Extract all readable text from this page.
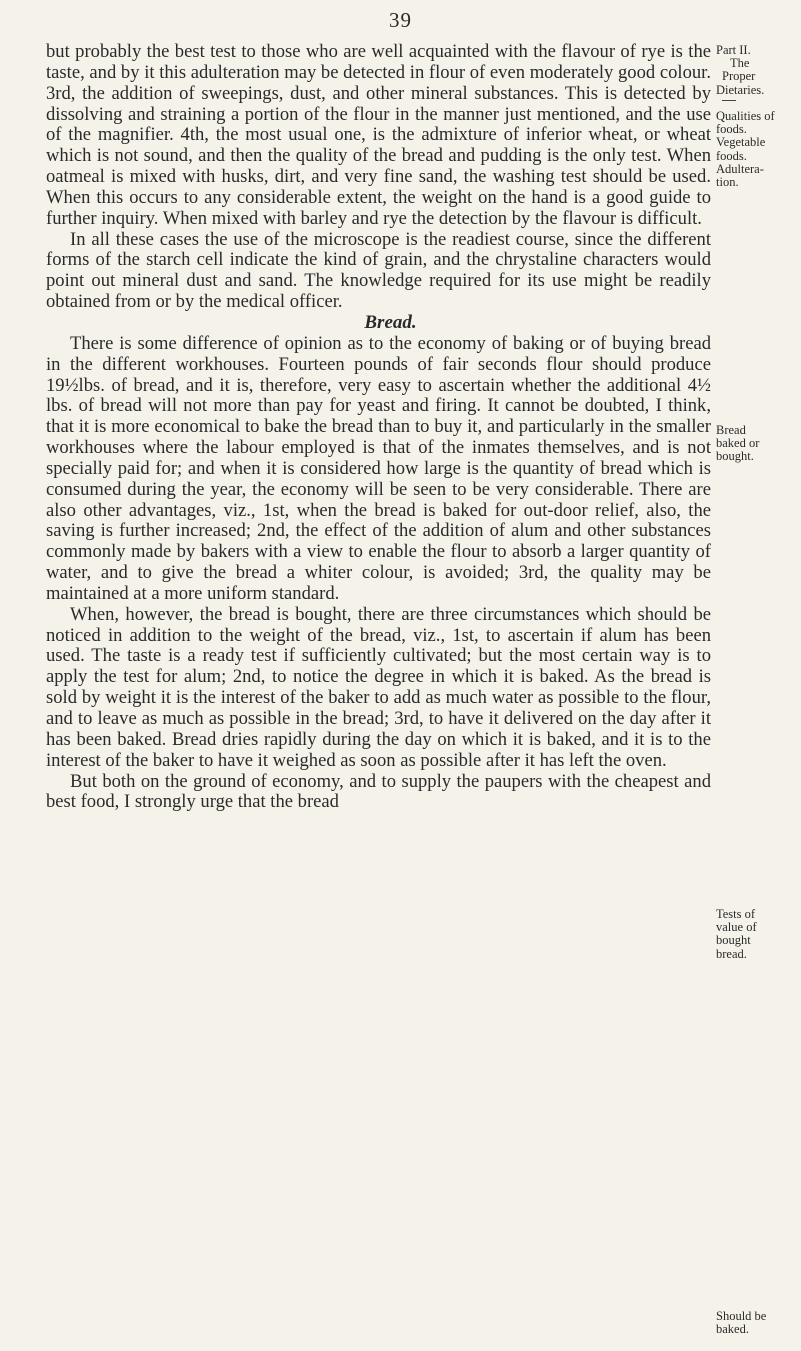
39

but probably the best test to those who are well acquainted with the flavour of rye is the taste, and by it this adulteration may be detected in flour of even moderately good colour. 3rd, the addition of sweepings, dust, and other mineral substances. This is detected by dissolving and straining a portion of the flour in the manner just mentioned, and the use of the magnifier. 4th, the most usual one, is the admixture of inferior wheat, or wheat which is not sound, and then the quality of the bread and pudding is the only test. When oatmeal is mixed with husks, dirt, and very fine sand, the washing test should be used. When this occurs to any considerable extent, the weight on the hand is a good guide to further inquiry. When mixed with barley and rye the detection by the flavour is difficult.

In all these cases the use of the microscope is the readiest course, since the different forms of the starch cell indicate the kind of grain, and the chrystaline characters would point out mineral dust and sand. The knowledge required for its use might be readily obtained from or by the medical officer.

Bread.

There is some difference of opinion as to the economy of baking or of buying bread in the different workhouses. Fourteen pounds of fair seconds flour should produce 19½lbs. of bread, and it is, therefore, very easy to ascertain whether the additional 4½ lbs. of bread will not more than pay for yeast and firing. It cannot be doubted, I think, that it is more economical to bake the bread than to buy it, and particularly in the smaller workhouses where the labour employed is that of the inmates themselves, and is not specially paid for; and when it is considered how large is the quantity of bread which is consumed during the year, the economy will be seen to be very considerable. There are also other advantages, viz., 1st, when the bread is baked for out-door relief, also, the saving is further increased; 2nd, the effect of the addition of alum and other substances commonly made by bakers with a view to enable the flour to absorb a larger quantity of water, and to give the bread a whiter colour, is avoided; 3rd, the quality may be maintained at a more uniform standard.

When, however, the bread is bought, there are three circumstances which should be noticed in addition to the weight of the bread, viz., 1st, to ascertain if alum has been used. The taste is a ready test if sufficiently cultivated; but the most certain way is to apply the test for alum; 2nd, to notice the degree in which it is baked. As the bread is sold by weight it is the interest of the baker to add as much water as possible to the flour, and to leave as much as possible in the bread; 3rd, to have it delivered on the day after it has been baked. Bread dries rapidly during the day on which it is baked, and it is to the interest of the baker to have it weighed as soon as possible after it has left the oven.

But both on the ground of economy, and to supply the paupers with the cheapest and best food, I strongly urge that the bread

Part II.
The
Proper
Dietaries.
Qualities of
foods.
Vegetable
foods.
Adultera-
tion.
Bread
baked or
bought.
Tests of
value of
bought
bread.
Should be
baked.
